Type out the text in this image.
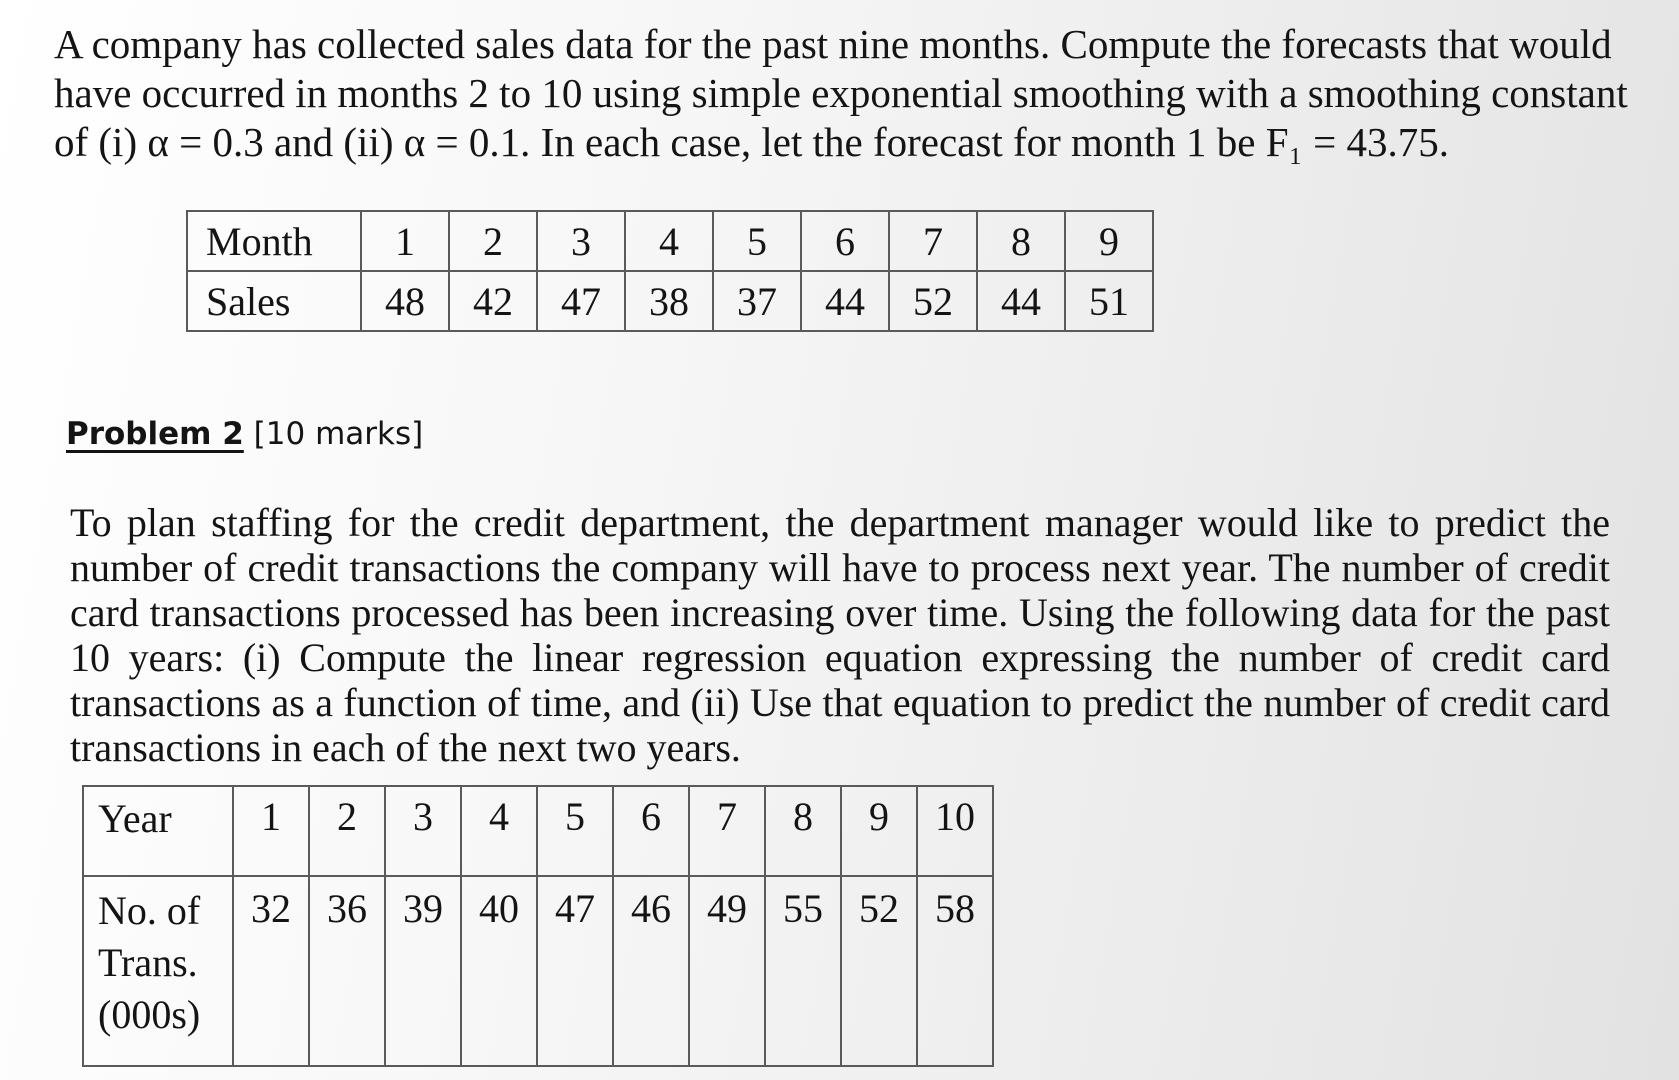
A company has collected sales data for the past nine months. Compute the forecasts that would have occurred in months 2 to 10 using simple exponential smoothing with a smoothing constant of (i) α = 0.3 and (ii) α = 0.1. In each case, let the forecast for month 1 be F₁ = 43.75.

Month	1	2	3	4	5	6	7	8	9
Sales	48	42	47	38	37	44	52	44	51
Problem 2 [10 marks]
To plan staffing for the credit department, the department manager would like to predict the number of credit transactions the company will have to process next year. The number of credit card transactions processed has been increasing over time. Using the following data for the past 10 years: (i) Compute the linear regression equation expressing the number of credit card transactions as a function of time, and (ii) Use that equation to predict the number of credit card transactions in each of the next two years.
Year	1	2	3	4	5	6	7	8	9	10

No. of
Trans.
(000s)	32	36	39	40	47	46	49	55	52	58
